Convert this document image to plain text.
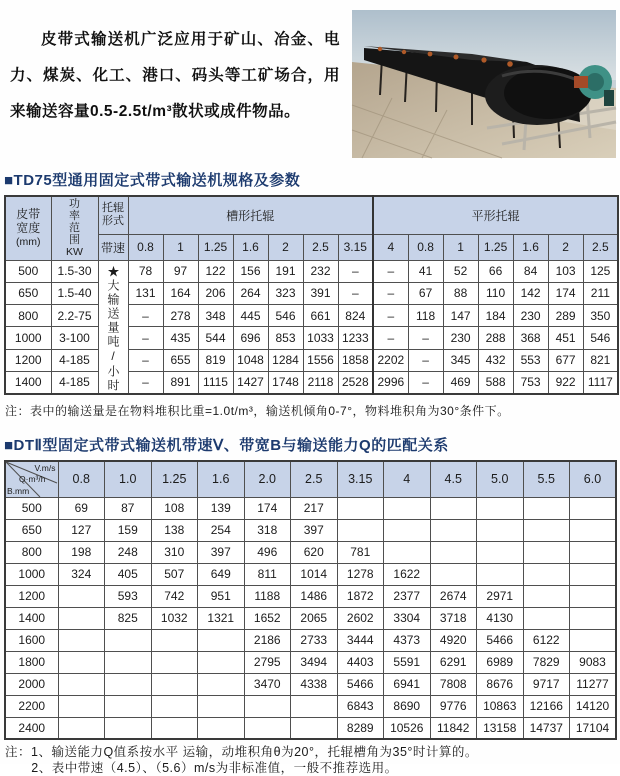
皮带式输送机广泛应用于矿山、冶金、电力、煤炭、化工、港口、码头等工矿场合，用来输送容量0.5-2.5t/m³散状或成件物品。

■TD75型通用固定式带式输送机规格及参数
皮带宽度
(mm)	功率范围
KW	托辊形式	槽形托辊							平形托辊						
		带速	0.8	1	1.25	1.6	2	2.5	3.15	4	0.8	1	1.25	1.6	2	2.5
500	1.5-30	★大输送量吨/小时	78	97	122	156	191	232	–	–	41	52	66	84	103	125
650	1.5-40		131	164	206	264	323	391	–	–	67	88	110	142	174	211
800	2.2-75		–	278	348	445	546	661	824	–	118	147	184	230	289	350
1000	3-100		–	435	544	696	853	1033	1233	–	–	230	288	368	451	546
1200	4-185		–	655	819	1048	1284	1556	1858	2202	–	345	432	553	677	821
1400	4-185		–	891	1115	1427	1748	2118	2528	2996	–	469	588	753	922	1117

注：表中的输送量是在物料堆积比重=1.0t/m³，输送机倾角0-7°，物料堆积角为30°条件下。

■DTⅡ型固定式带式输送机带速Ⅴ、带宽B与输送能力Q的匹配关系
V.m/s
Q·m³/h
B.mm	0.8	1.0	1.25	1.6	2.0	2.5	3.15	4	4.5	5.0	5.5	6.0
500	69	87	108	139	174	217						
650	127	159	138	254	318	397						
800	198	248	310	397	496	620	781					
1000	324	405	507	649	811	1014	1278	1622				
1200		593	742	951	1188	1486	1872	2377	2674	2971		
1400		825	1032	1321	1652	2065	2602	3304	3718	4130		
1600					2186	2733	3444	4373	4920	5466	6122	
1800					2795	3494	4403	5591	6291	6989	7829	9083
2000					3470	4338	5466	6941	7808	8676	9717	11277
2200							6843	8690	9776	10863	12166	14120
2400							8289	10526	11842	13158	14737	17104
注：1、输送能力Q值系按水平 运输，动堆积角θ为20°，托辊槽角为35°时计算的。
2、表中带速（4.5）、（5.6）m/s为非标准值，一般不推荐选用。
